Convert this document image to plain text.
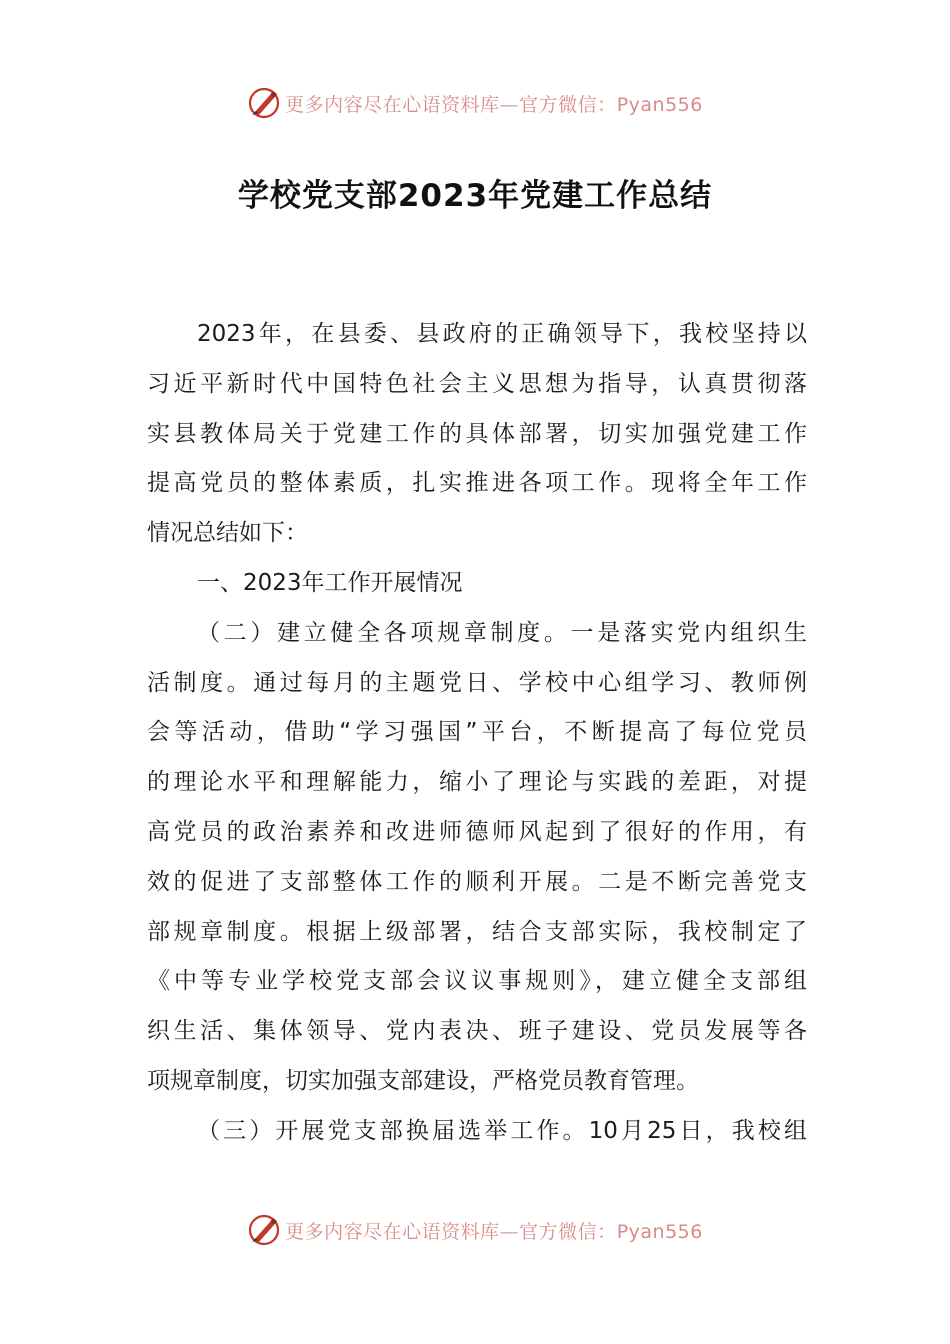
更多内容尽在心语资料库—官方微信：Pyan556
学校党支部2023年党建工作总结
2023年，在县委、县政府的正确领导下，我校坚持以
习近平新时代中国特色社会主义思想为指导，认真贯彻落
实县教体局关于党建工作的具体部署，切实加强党建工作
提高党员的整体素质，扎实推进各项工作。现将全年工作
情况总结如下：
一、2023年工作开展情况
（二）建立健全各项规章制度。一是落实党内组织生
活制度。通过每月的主题党日、学校中心组学习、教师例
会等活动，借助“学习强国”平台，不断提高了每位党员
的理论水平和理解能力，缩小了理论与实践的差距，对提
高党员的政治素养和改进师德师风起到了很好的作用，有
效的促进了支部整体工作的顺利开展。二是不断完善党支
部规章制度。根据上级部署，结合支部实际，我校制定了
《中等专业学校党支部会议议事规则》，建立健全支部组
织生活、集体领导、党内表决、班子建设、党员发展等各
项规章制度，切实加强支部建设，严格党员教育管理。
（三）开展党支部换届选举工作。10月25日，我校组
更多内容尽在心语资料库—官方微信：Pyan556
